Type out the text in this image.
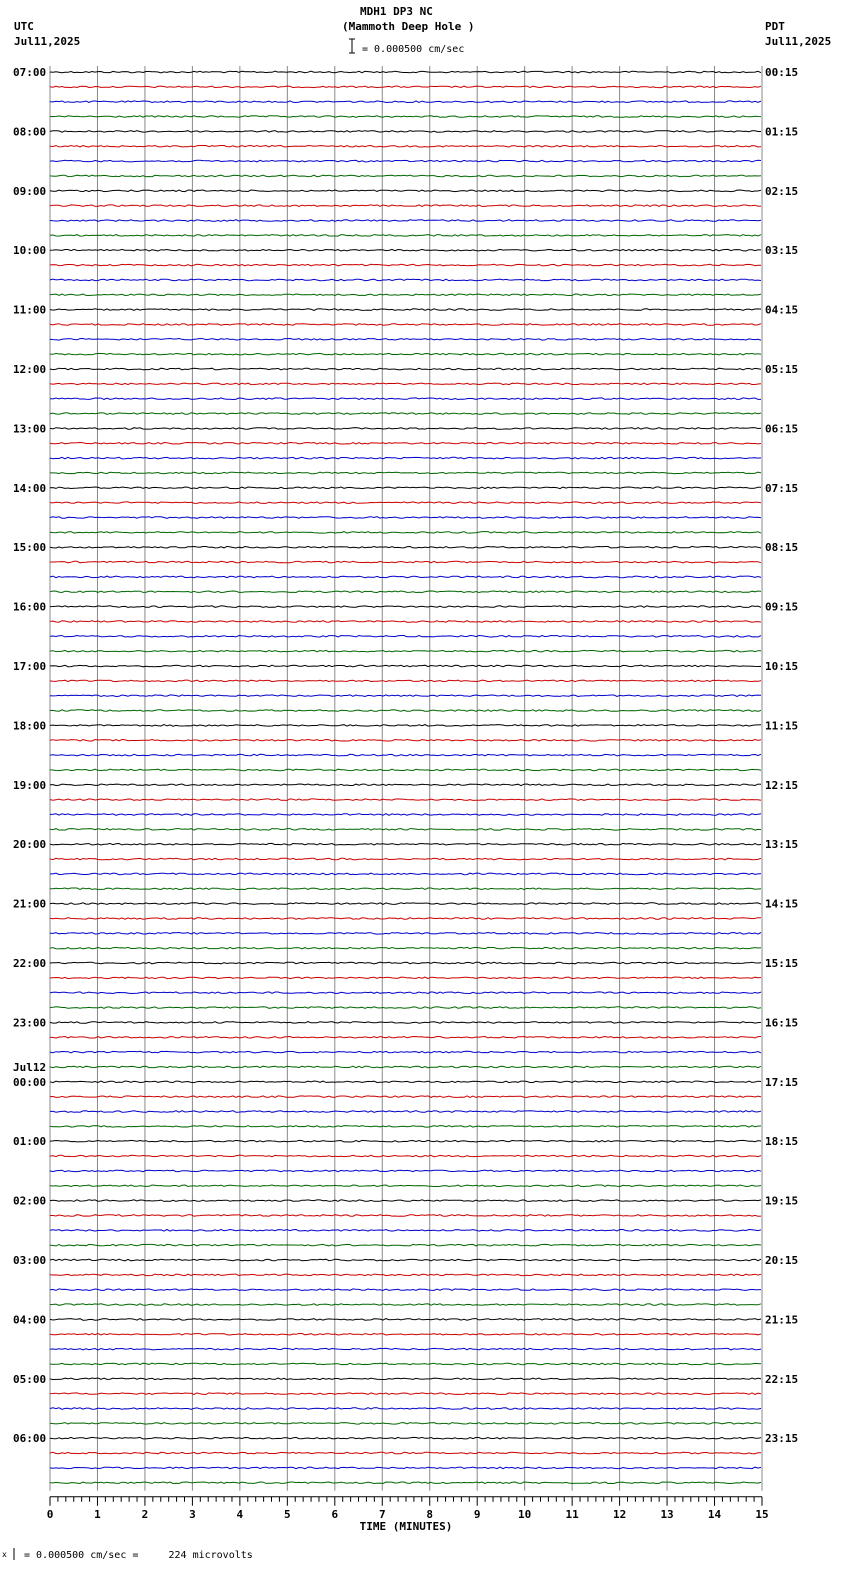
07:00	00:15
08:00	01:15
09:00	02:15
10:00	03:15
11:00	04:15
12:00	05:15
13:00	06:15
14:00	07:15
15:00	08:15
16:00	09:15
17:00	10:15
18:00	11:15
19:00	12:15
20:00	13:15
21:00	14:15
22:00	15:15
23:00	16:15
00:00	17:15
01:00	18:15
02:00	19:15
03:00	20:15
04:00	21:15
05:00	22:15
06:00	23:15
Jul12
0	1	2	3	4	5	6	7	8	9	10	11	12	13	14	15
TIME (MINUTES)
MDH1 DP3 NC
(Mammoth Deep Hole )
UTC
Jul11,2025
PDT
Jul11,2025
= 0.000500 cm/sec
x = 0.000500 cm/sec =     224 microvolts
